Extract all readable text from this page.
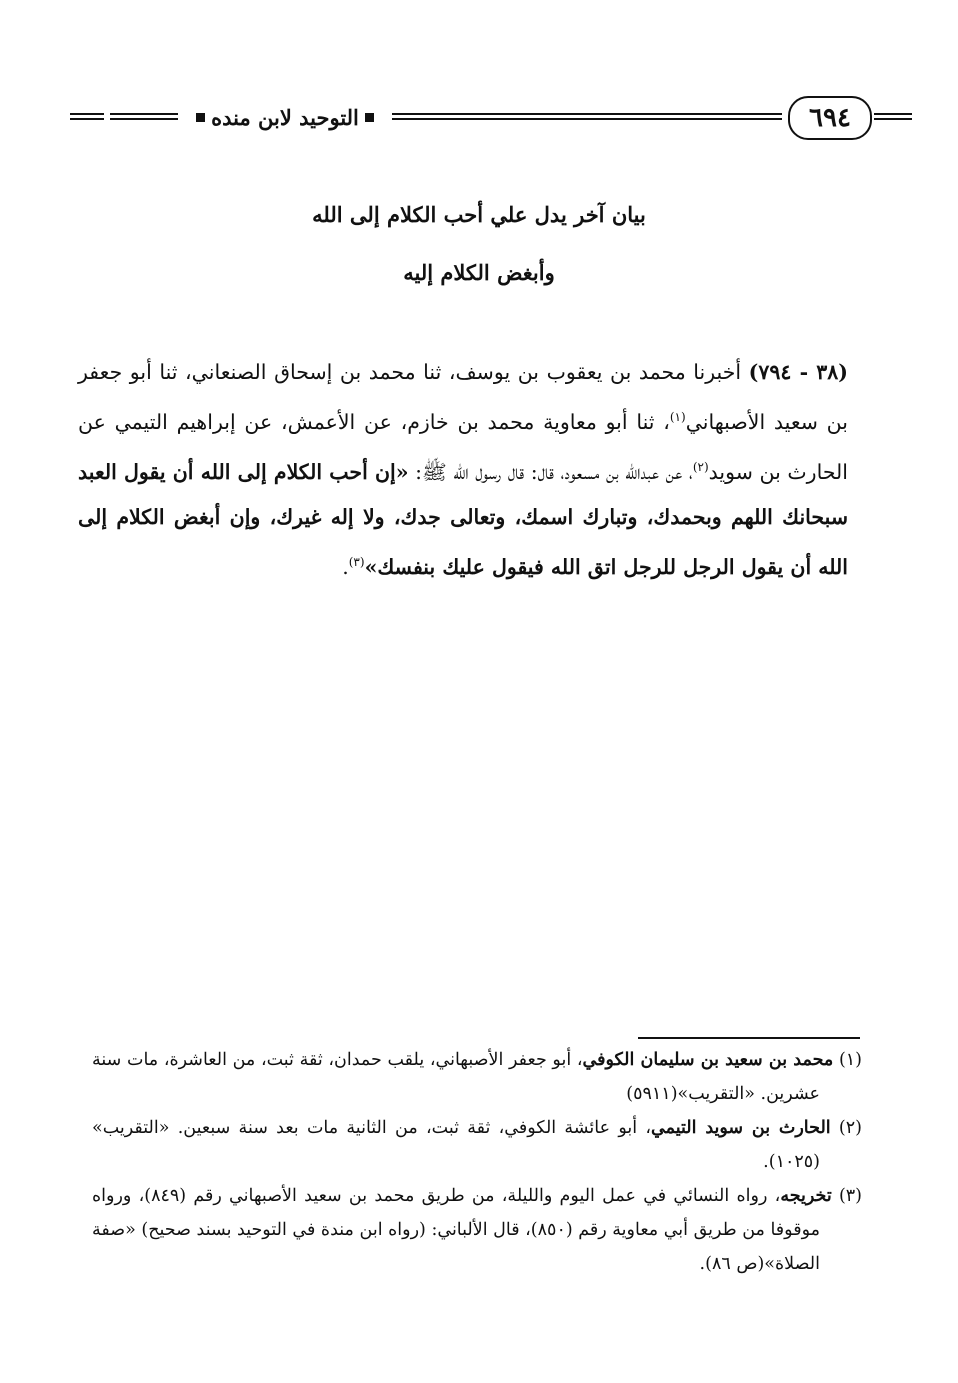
التوحيد لابن منده	٦٩٤
بيان آخر يدل علي أحب الكلام إلى الله
وأبغض الكلام إليه
(٣٨ - ٧٩٤) أخبرنا محمد بن يعقوب بن يوسف، ثنا محمد بن إسحاق الصنعاني، ثنا أبو جعفر بن سعيد الأصبهاني$^{(١)}$، ثنا أبو معاوية محمد بن خازم، عن الأعمش، عن إبراهيم التيمي عن الحارث بن سويد$^{(٢)}$، عن عبدالله بن مسعود، قال: قال رسول الله ﷺ: «إن أحب الكلام إلى الله أن يقول العبد سبحانك اللهم وبحمدك، وتبارك اسمك، وتعالى جدك، ولا إله غيرك، وإن أبغض الكلام إلى الله أن يقول الرجل للرجل اتق الله فيقول عليك بنفسك»$^{(٣)}$.
(١) محمد بن سعيد بن سليمان الكوفي، أبو جعفر الأصبهاني، يلقب حمدان، ثقة ثبت، من العاشرة، مات سنة عشرين. «التقريب»(٥٩١١)
(٢) الحارث بن سويد التيمي، أبو عائشة الكوفي، ثقة ثبت، من الثانية مات بعد سنة سبعين. «التقريب» (١٠٢٥).
(٣) تخريجه، رواه النسائي في عمل اليوم والليلة، من طريق محمد بن سعيد الأصبهاني رقم (٨٤٩)، ورواه موقوفا من طريق أبي معاوية رقم (٨٥٠)، قال الألباني: (رواه ابن مندة في التوحيد بسند صحيح) «صفة الصلاة»(ص ٨٦).
